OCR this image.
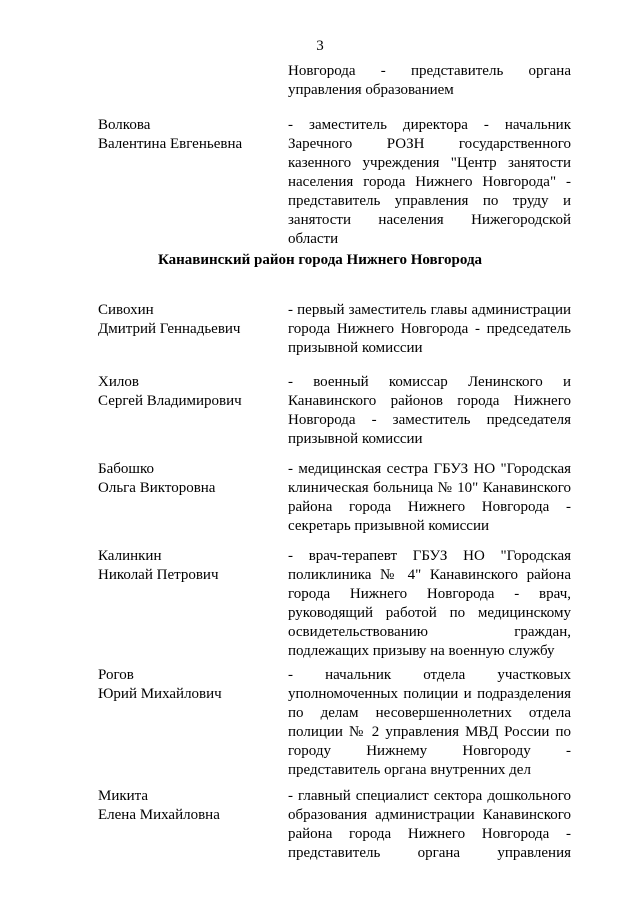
3
Новгорода - представитель органа
управления образованием
Волкова
Валентина Евгеньевна
- заместитель директора - начальник
Заречного РОЗН государственного
казенного учреждения "Центр занятости
населения города Нижнего Новгорода" -
представитель управления по труду и
занятости населения Нижегородской
области
Канавинский район города Нижнего Новгорода
Сивохин
Дмитрий Геннадьевич
- первый заместитель главы администрации
города Нижнего Новгорода - председатель
призывной комиссии
Хилов
Сергей Владимирович
- военный комиссар Ленинского и
Канавинского районов города Нижнего
Новгорода - заместитель председателя
призывной комиссии
Бабошко
Ольга Викторовна
- медицинская сестра ГБУЗ НО "Городская
клиническая больница № 10" Канавинского
района города Нижнего Новгорода -
секретарь призывной комиссии
Калинкин
Николай Петрович
- врач-терапевт ГБУЗ НО "Городская
поликлиника № 4" Канавинского района
города Нижнего Новгорода - врач,
руководящий работой по медицинскому
освидетельствованию граждан,
подлежащих призыву на военную службу
Рогов
Юрий Михайлович
- начальник отдела участковых
уполномоченных полиции и подразделения
по делам несовершеннолетних отдела
полиции № 2 управления МВД России по
городу Нижнему Новгороду -
представитель органа внутренних дел
Микита
Елена Михайловна
- главный специалист сектора дошкольного
образования администрации Канавинского
района города Нижнего Новгорода -
представитель органа управления
